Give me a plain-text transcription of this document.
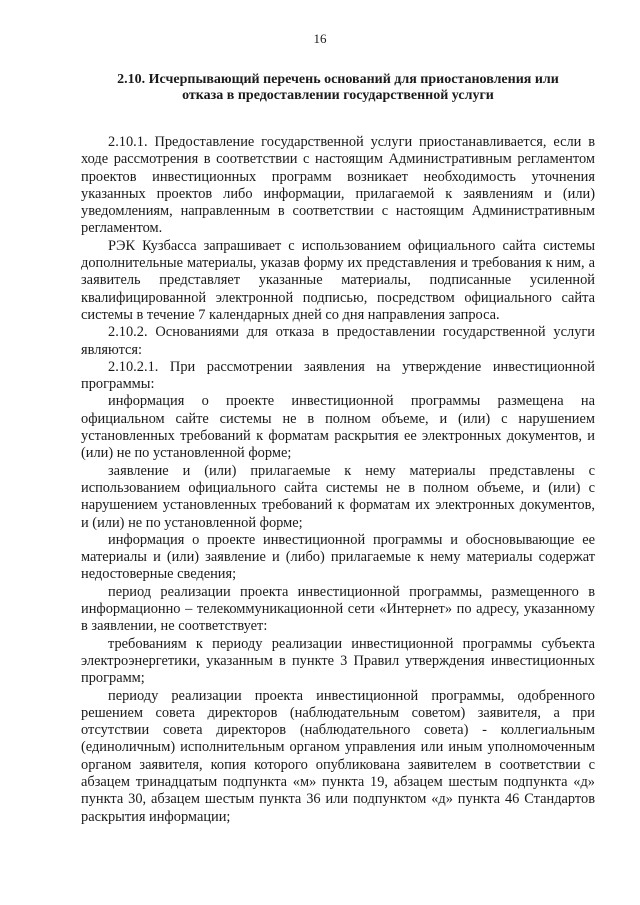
16
2.10. Исчерпывающий перечень оснований для приостановления или
отказа в предоставлении государственной услуги

2.10.1. Предоставление государственной услуги приостанавливается, если в ходе рассмотрения в соответствии с настоящим Административным регламентом проектов инвестиционных программ возникает необходимость уточнения указанных проектов либо информации, прилагаемой к заявлениям и (или) уведомлениям, направленным в соответствии с настоящим Административным регламентом.

РЭК Кузбасса запрашивает с использованием официального сайта системы дополнительные материалы, указав форму их представления и требования к ним, а заявитель представляет указанные материалы, подписанные усиленной квалифицированной электронной подписью, посредством официального сайта системы в течение 7 календарных дней со дня направления запроса.

2.10.2. Основаниями для отказа в предоставлении государственной услуги являются:

2.10.2.1. При рассмотрении заявления на утверждение инвестиционной программы:

информация о проекте инвестиционной программы размещена на официальном сайте системы не в полном объеме, и (или) с нарушением установленных требований к форматам раскрытия ее электронных документов, и (или) не по установленной форме;

заявление и (или) прилагаемые к нему материалы представлены с использованием официального сайта системы не в полном объеме, и (или) с нарушением установленных требований к форматам их электронных документов, и (или) не по установленной форме;

информация о проекте инвестиционной программы и обосновывающие ее материалы и (или) заявление и (либо) прилагаемые к нему материалы содержат недостоверные сведения;

период реализации проекта инвестиционной программы, размещенного в информационно – телекоммуникационной сети «Интернет» по адресу, указанному в заявлении, не соответствует:

требованиям к периоду реализации инвестиционной программы субъекта электроэнергетики, указанным в пункте 3 Правил утверждения инвестиционных программ;

периоду реализации проекта инвестиционной программы, одобренного решением совета директоров (наблюдательным советом) заявителя, а при отсутствии совета директоров (наблюдательного совета) - коллегиальным (единоличным) исполнительным органом управления или иным уполномоченным органом заявителя, копия которого опубликована заявителем в соответствии с абзацем тринадцатым подпункта «м» пункта 19, абзацем шестым подпункта «д» пункта 30, абзацем шестым пункта 36 или подпунктом «д» пункта 46 Стандартов раскрытия информации;
